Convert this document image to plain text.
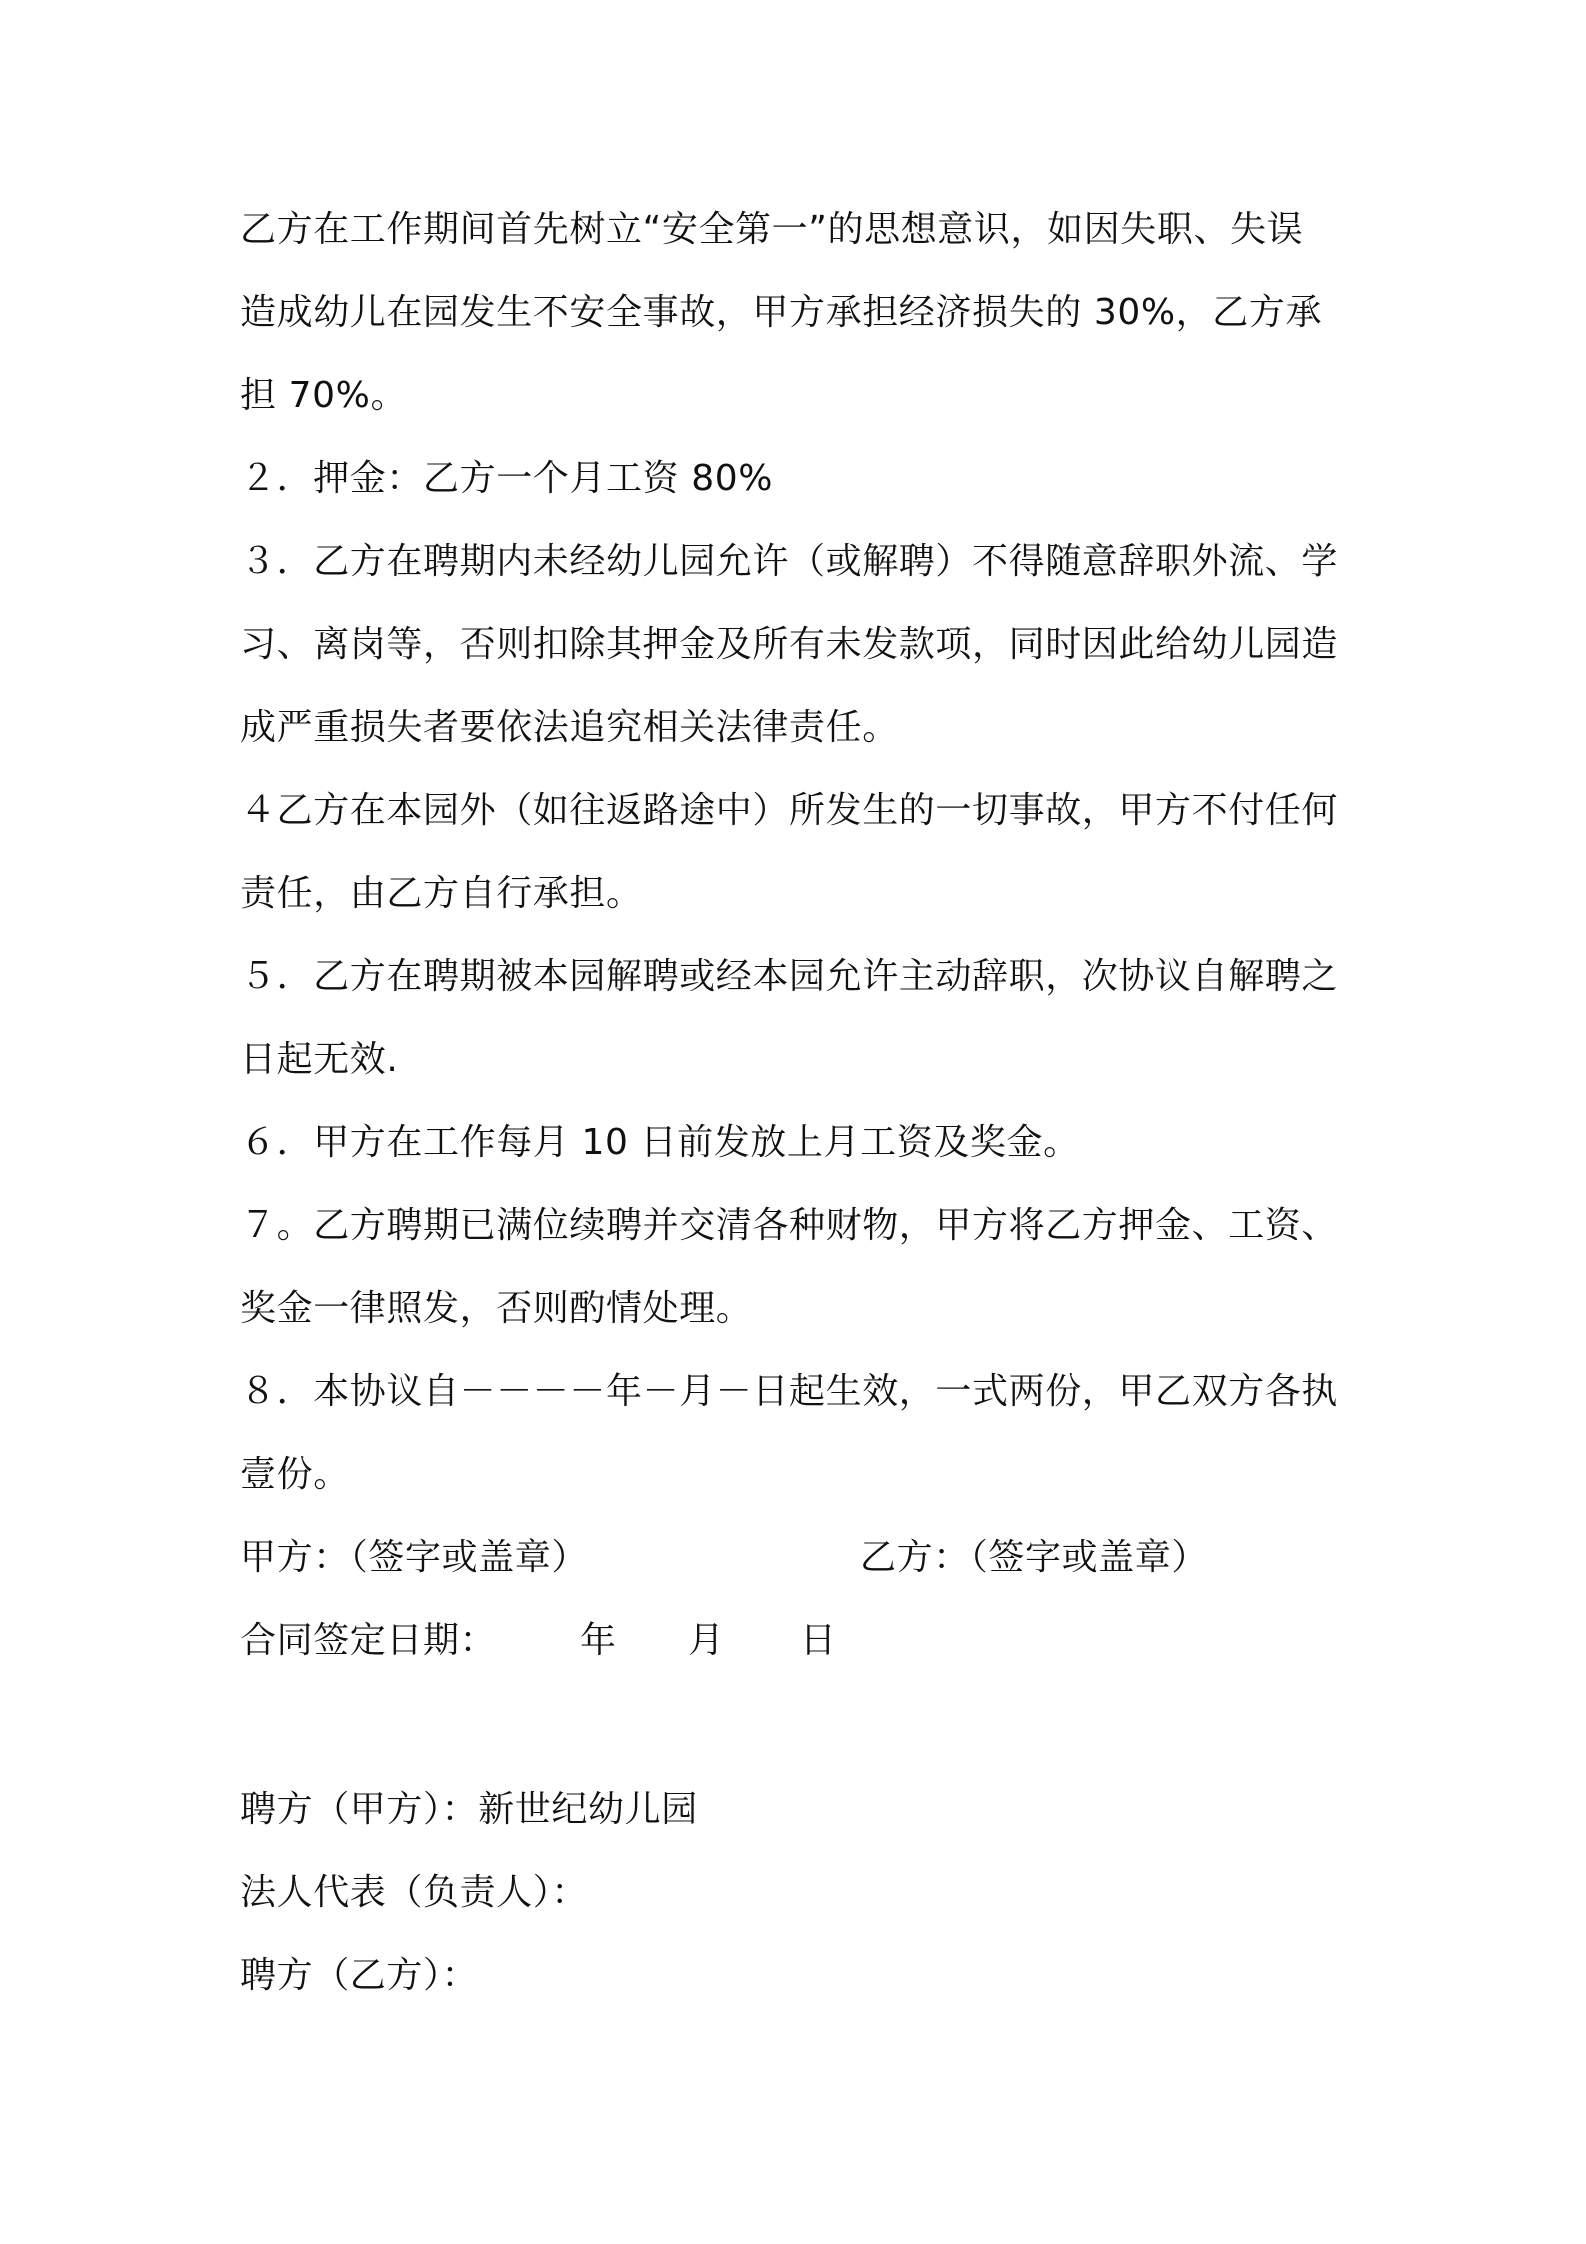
乙方在工作期间首先树立“安全第一”的思想意识，如因失职、失误

造成幼儿在园发生不安全事故，甲方承担经济损失的 30%，乙方承

担 70%。

２．押金：乙方一个月工资 80%

３．乙方在聘期内未经幼儿园允许（或解聘）不得随意辞职外流、学

习、离岗等，否则扣除其押金及所有未发款项，同时因此给幼儿园造

成严重损失者要依法追究相关法律责任。

４乙方在本园外（如往返路途中）所发生的一切事故，甲方不付任何

责任，由乙方自行承担。

５．乙方在聘期被本园解聘或经本园允许主动辞职，次协议自解聘之

日起无效.

６．甲方在工作每月 10 日前发放上月工资及奖金。

７。乙方聘期已满位续聘并交清各种财物，甲方将乙方押金、工资、

奖金一律照发，否则酌情处理。

８．本协议自－－－－年－月－日起生效，一式两份，甲乙双方各执

壹份。

甲方：（签字或盖章）	乙方：（签字或盖章）

合同签定日期： 年 月 日

聘方（甲方）：新世纪幼儿园

法人代表（负责人）：

聘方（乙方）：
